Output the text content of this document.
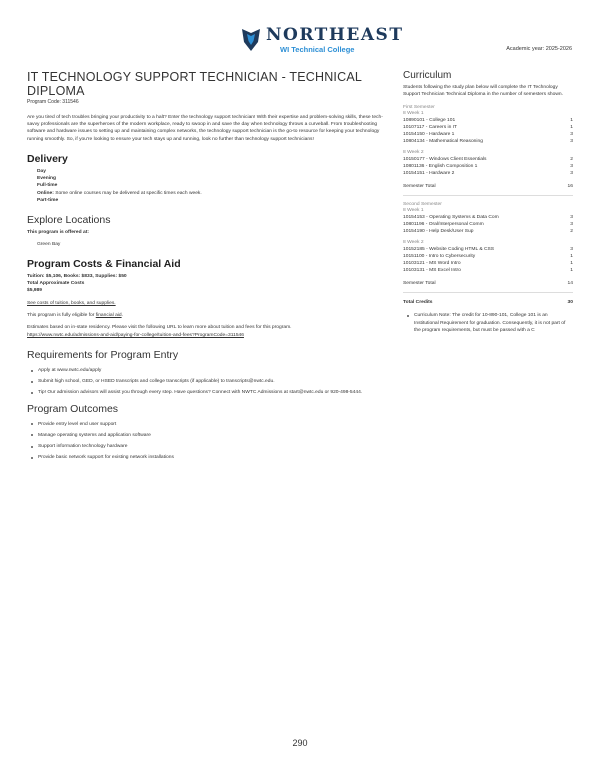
NORTHEAST
WI Technical College	Academic year: 2025-2026
IT TECHNOLOGY SUPPORT TECHNICIAN - TECHNICAL DIPLOMA
Program Code: 311546

Are you tired of tech troubles bringing your productivity to a halt? Enter the technology support technician! With their expertise and problem-solving skills, these tech-savvy professionals are the superheroes of the modern workplace, ready to swoop in and save the day when technology throws a curveball. From troubleshooting software and hardware issues to setting up and maintaining complex networks, the technology support technician is the go-to resource for keeping your technology running smoothly. So, if you're looking to ensure your tech stays up and running, look no further than technology support technicians!

Delivery
Day
Evening
Full-time
Online: Some online courses may be delivered at specific times each week.
Part-time
Explore Locations
This program is offered at:
Green Bay
Program Costs & Financial Aid
Tuition: $5,106, Books: $833, Supplies: $50
Total Approximate Costs
$5,989
See costs of tuition, books, and supplies.
This program is fully eligible for financial aid.
Estimates based on in-state residency. Please visit the following URL to learn more about tuition and fees for this program.
https://www.nwtc.edu/admissions-and-aid/paying-for-college/tuition-and-fees?ProgramCode=311546
Requirements for Program Entry
Apply at www.nwtc.edu/apply
Submit high school, GED, or HSED transcripts and college transcripts (if applicable) to transcripts@nwtc.edu.
Tip! Our admission advisors will assist you through every step. Have questions? Connect with NWTC Admissions at start@nwtc.edu or 920-498-5444.
Program Outcomes
Provide entry level end user support
Manage operating systems and application software
Support information technology hardware
Provide basic network support for existing network installations
Curriculum
Students following the study plan below will complete the IT Technology Support Technician Technical Diploma in the number of semesters shown.
First Semester
8 Week 1
10890101 - College 101	1
10107117 - Careers in IT	1
10154150 - Hardware 1	3
10804134 - Mathematical Reasoning	3
8 Week 2
10150177 - Windows Client Essentials	2
10801136 - English Composition 1	3
10154151 - Hardware 2	3
Semester Total	16
Second Semester
8 Week 1
10154153 - Operating Systems & Data Com	3
10801196 - Oral/Interpersonal Comm	3
10154190 - Help Desk/User Sup	2
8 Week 2
10152185 - Website Coding HTML & CSS	3
10151100 - Intro to Cybersecurity	1
10103121 - MS Word Intro	1
10103131 - MS Excel Intro	1
Semester Total	14
Total Credits	30
Curriculum Note: The credit for 10-890-101, College 101 is an Institutional Requirement for graduation. Consequently, it is not part of the program requirements, but must be passed with a C
290
